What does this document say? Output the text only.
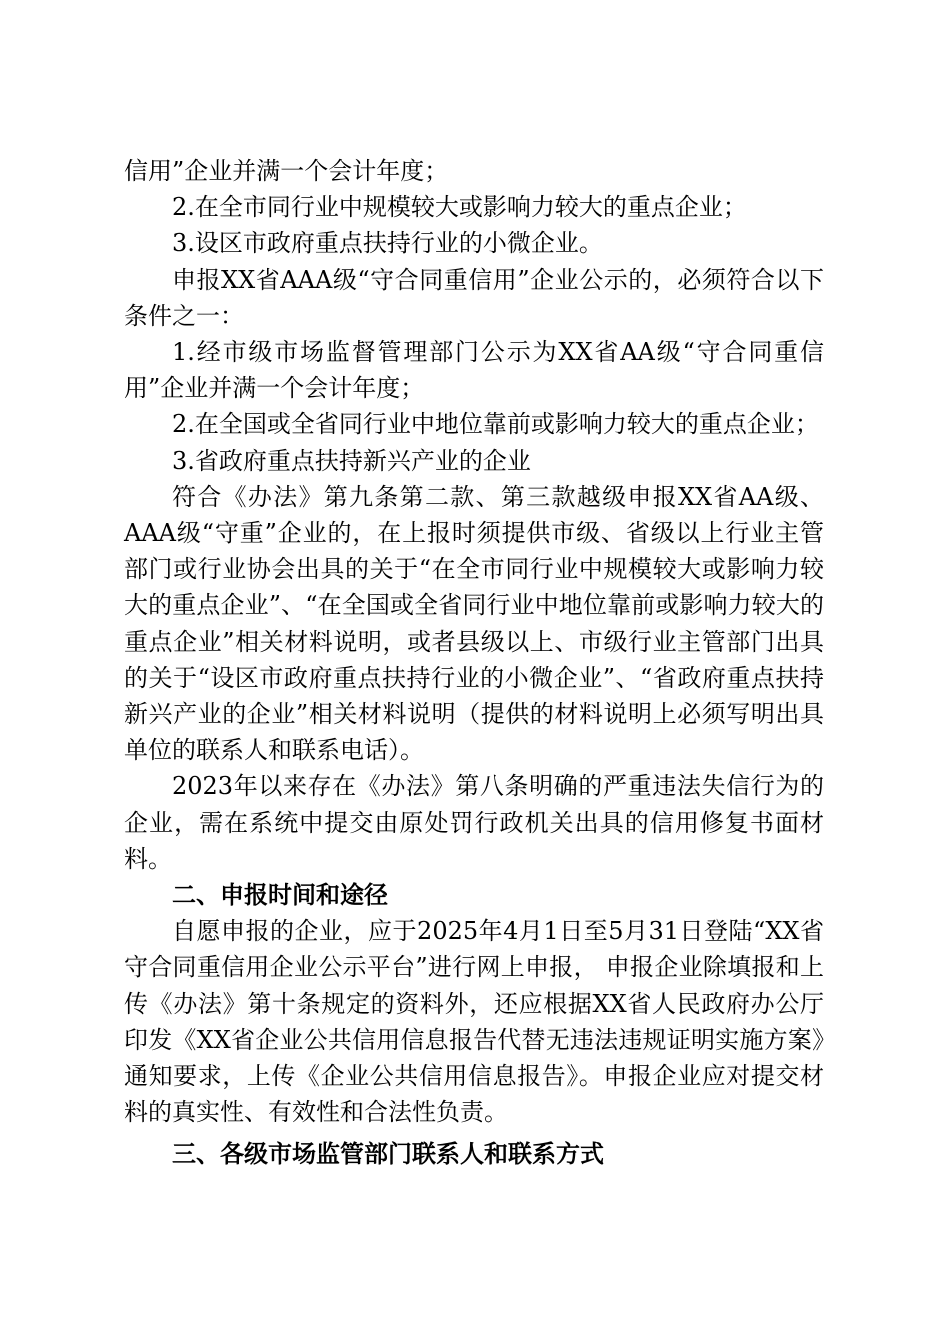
信用”企业并满一个会计年度；

2.在全市同行业中规模较大或影响力较大的重点企业；

3.设区市政府重点扶持行业的小微企业。

申报XX省AAA级“守合同重信用”企业公示的，必须符合以下条件之一：

1.经市级市场监督管理部门公示为XX省AA级“守合同重信用”企业并满一个会计年度；

2.在全国或全省同行业中地位靠前或影响力较大的重点企业；

3.省政府重点扶持新兴产业的企业

符合《办法》第九条第二款、第三款越级申报XX省AA级、AAA级“守重”企业的，在上报时须提供市级、省级以上行业主管部门或行业协会出具的关于“在全市同行业中规模较大或影响力较大的重点企业”、“在全国或全省同行业中地位靠前或影响力较大的重点企业”相关材料说明，或者县级以上、市级行业主管部门出具的关于“设区市政府重点扶持行业的小微企业”、“省政府重点扶持新兴产业的企业”相关材料说明（提供的材料说明上必须写明出具单位的联系人和联系电话）。

2023年以来存在《办法》第八条明确的严重违法失信行为的企业，需在系统中提交由原处罚行政机关出具的信用修复书面材料。

二、申报时间和途径

自愿申报的企业，应于2025年4月1日至5月31日登陆“XX省守合同重信用企业公示平台”进行网上申报， 申报企业除填报和上传《办法》第十条规定的资料外，还应根据XX省人民政府办公厅印发《XX省企业公共信用信息报告代替无违法违规证明实施方案》通知要求，上传《企业公共信用信息报告》。申报企业应对提交材料的真实性、有效性和合法性负责。

三、各级市场监管部门联系人和联系方式
